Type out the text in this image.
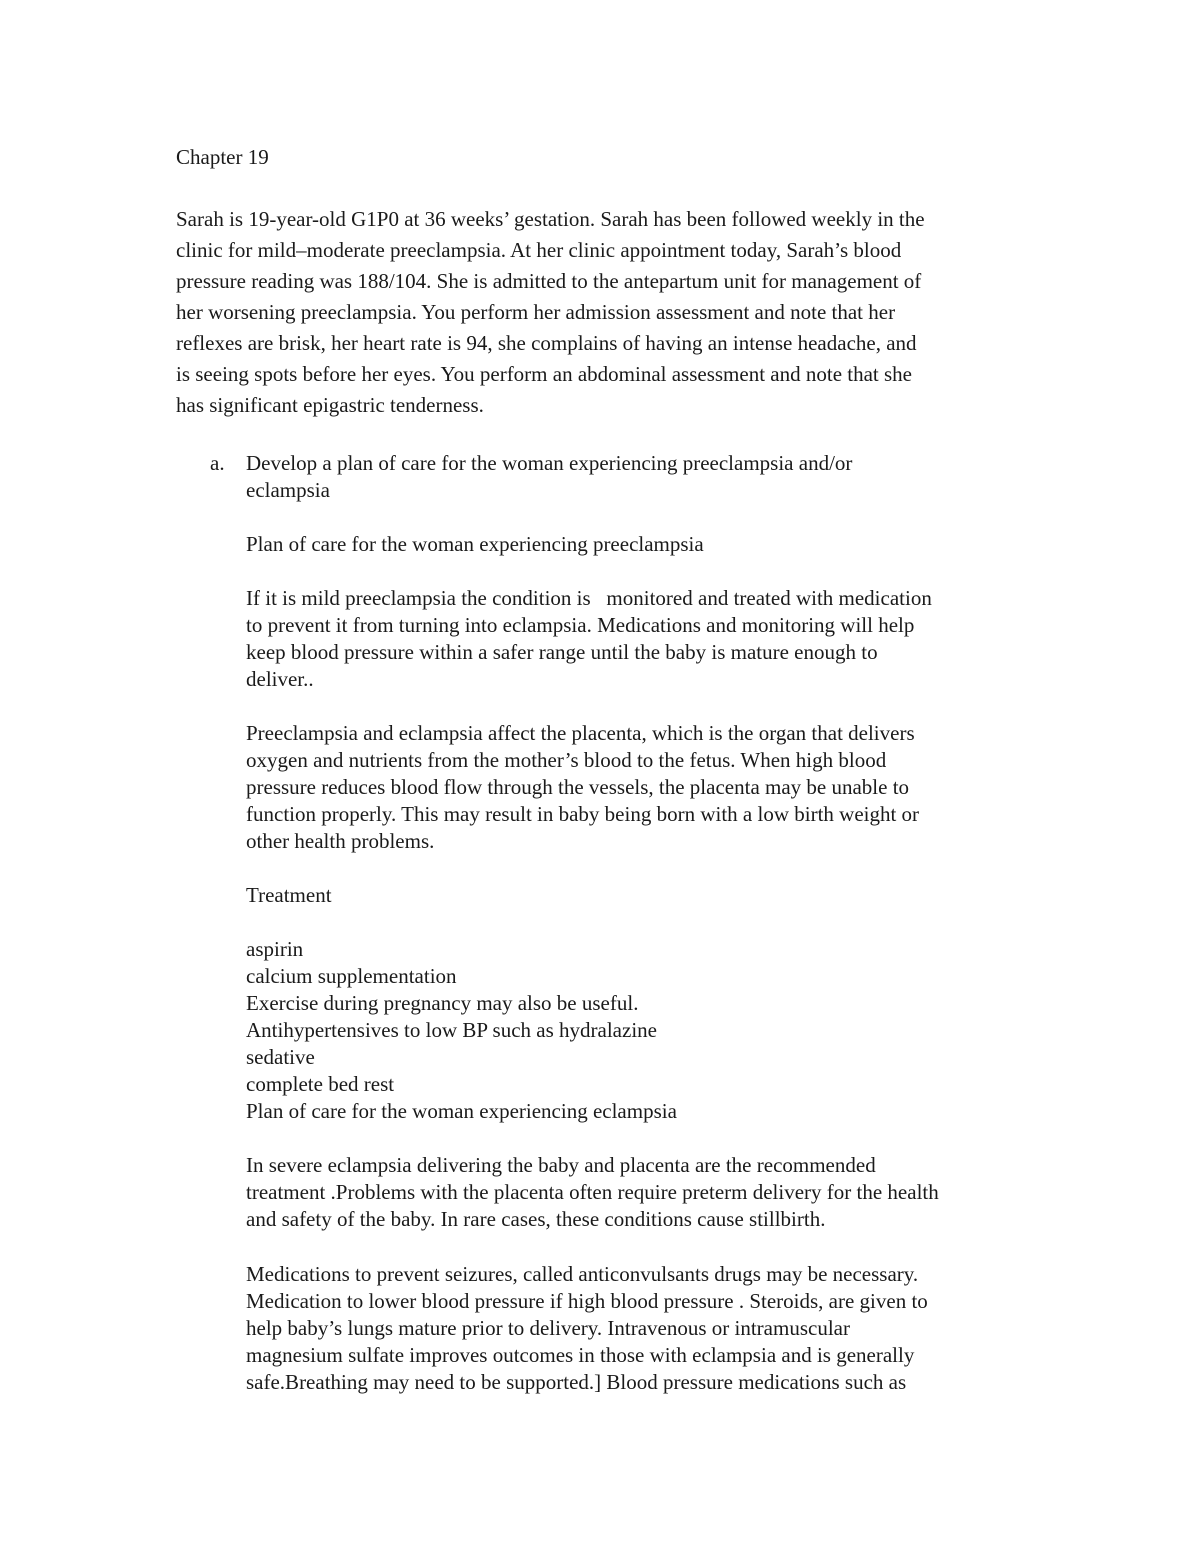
Chapter 19
Sarah is 19-year-old G1P0 at 36 weeks’ gestation. Sarah has been followed weekly in the
clinic for mild–moderate preeclampsia. At her clinic appointment today, Sarah’s blood
pressure reading was 188/104. She is admitted to the antepartum unit for management of
her worsening preeclampsia. You perform her admission assessment and note that her
reflexes are brisk, her heart rate is 94, she complains of having an intense headache, and
is seeing spots before her eyes. You perform an abdominal assessment and note that she
has significant epigastric tenderness.
a. Develop a plan of care for the woman experiencing preeclampsia and/or
eclampsia
Plan of care for the woman experiencing preeclampsia
If it is mild preeclampsia the condition is   monitored and treated with medication
to prevent it from turning into eclampsia. Medications and monitoring will help
keep blood pressure within a safer range until the baby is mature enough to
deliver..
Preeclampsia and eclampsia affect the placenta, which is the organ that delivers
oxygen and nutrients from the mother’s blood to the fetus. When high blood
pressure reduces blood flow through the vessels, the placenta may be unable to
function properly. This may result in baby being born with a low birth weight or
other health problems.
Treatment
aspirin
calcium supplementation
Exercise during pregnancy may also be useful.
Antihypertensives to low BP such as hydralazine
sedative
complete bed rest
Plan of care for the woman experiencing eclampsia
In severe eclampsia delivering the baby and placenta are the recommended
treatment .Problems with the placenta often require preterm delivery for the health
and safety of the baby. In rare cases, these conditions cause stillbirth.
Medications to prevent seizures, called anticonvulsants drugs may be necessary.
Medication to lower blood pressure if high blood pressure . Steroids, are given to
help baby’s lungs mature prior to delivery. Intravenous or intramuscular
magnesium sulfate improves outcomes in those with eclampsia and is generally
safe.Breathing may need to be supported.] Blood pressure medications such as
